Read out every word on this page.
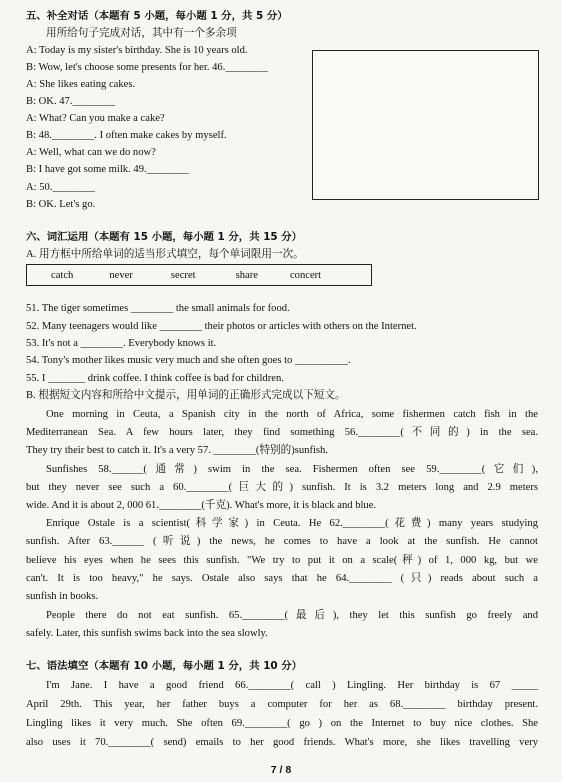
五、补全对话（本题有 5 小题，每小题 1 分，共 5 分）
用所给句子完成对话，其中有一个多余项
A: Today is my sister's birthday. She is 10 years old.
B: Wow, let's choose some presents for her. 46.________
A: She likes eating cakes.
B: OK. 47.________
A: What? Can you make a cake?
B: 48.________. I often make cakes by myself.
A: Well, what can we do now?
B: I have got some milk. 49.________
A: 50.________
B: OK. Let's go.
六、词汇运用（本题有 15 小题，每小题 1 分，共 15 分）
A. 用方框中所给单词的适当形式填空，每个单词限用一次。
catch	never	secret	share	concert
51. The tiger sometimes ________ the small animals for food.
52. Many teenagers would like ________ their photos or articles with others on the Internet.
53. It's not a ________. Everybody knows it.
54. Tony's mother likes music very much and she often goes to __________.
55. I _______ drink coffee. I think coffee is bad for children.
B. 根据短文内容和所给中文提示，用单词的正确形式完成以下短文。
One morning in Ceuta, a Spanish city in the north of Africa, some fishermen catch fish in the
Mediterranean Sea. A few hours later, they find something 56.________(不同的) in the sea.
They try their best to catch it. It's a very 57. ________(特别的)sunfish.
Sunfishes 58.______(通常) swim in the sea. Fishermen often see 59.________(它们),
but they never see such a 60.________(巨大的) sunfish. It is 3.2 meters long and 2.9 meters
wide. And it is about 2, 000 61.________(千克). What's more, it is black and blue.
Enrique Ostale is a scientist(科学家) in Ceuta. He 62.________(花费) many years studying
sunfish. After 63.______ (听说) the news, he comes to have a look at the sunfish. He cannot
believe his eyes when he sees this sunfish. "We try to put it on a scale(秤) of 1, 000 kg, but we
can't. It is too heavy," he says. Ostale also says that he 64.________ (只) reads about such a
sunfish in books.
People there do not eat sunfish. 65.________(最后), they let this sunfish go freely and
safely. Later, this sunfish swims back into the sea slowly.
七、语法填空（本题有 10 小题，每小题 1 分，共 10 分）
I'm Jane. I have a good friend 66.________( call ) Lingling. Her birthday is 67 _____
April 29th. This year, her father buys a computer for her as 68.________ birthday present.
Lingling likes it very much. She often 69.________( go ) on the Internet to buy nice clothes. She
also uses it 70.________( send) emails to her good friends. What's more, she likes travelling very
7 / 8
